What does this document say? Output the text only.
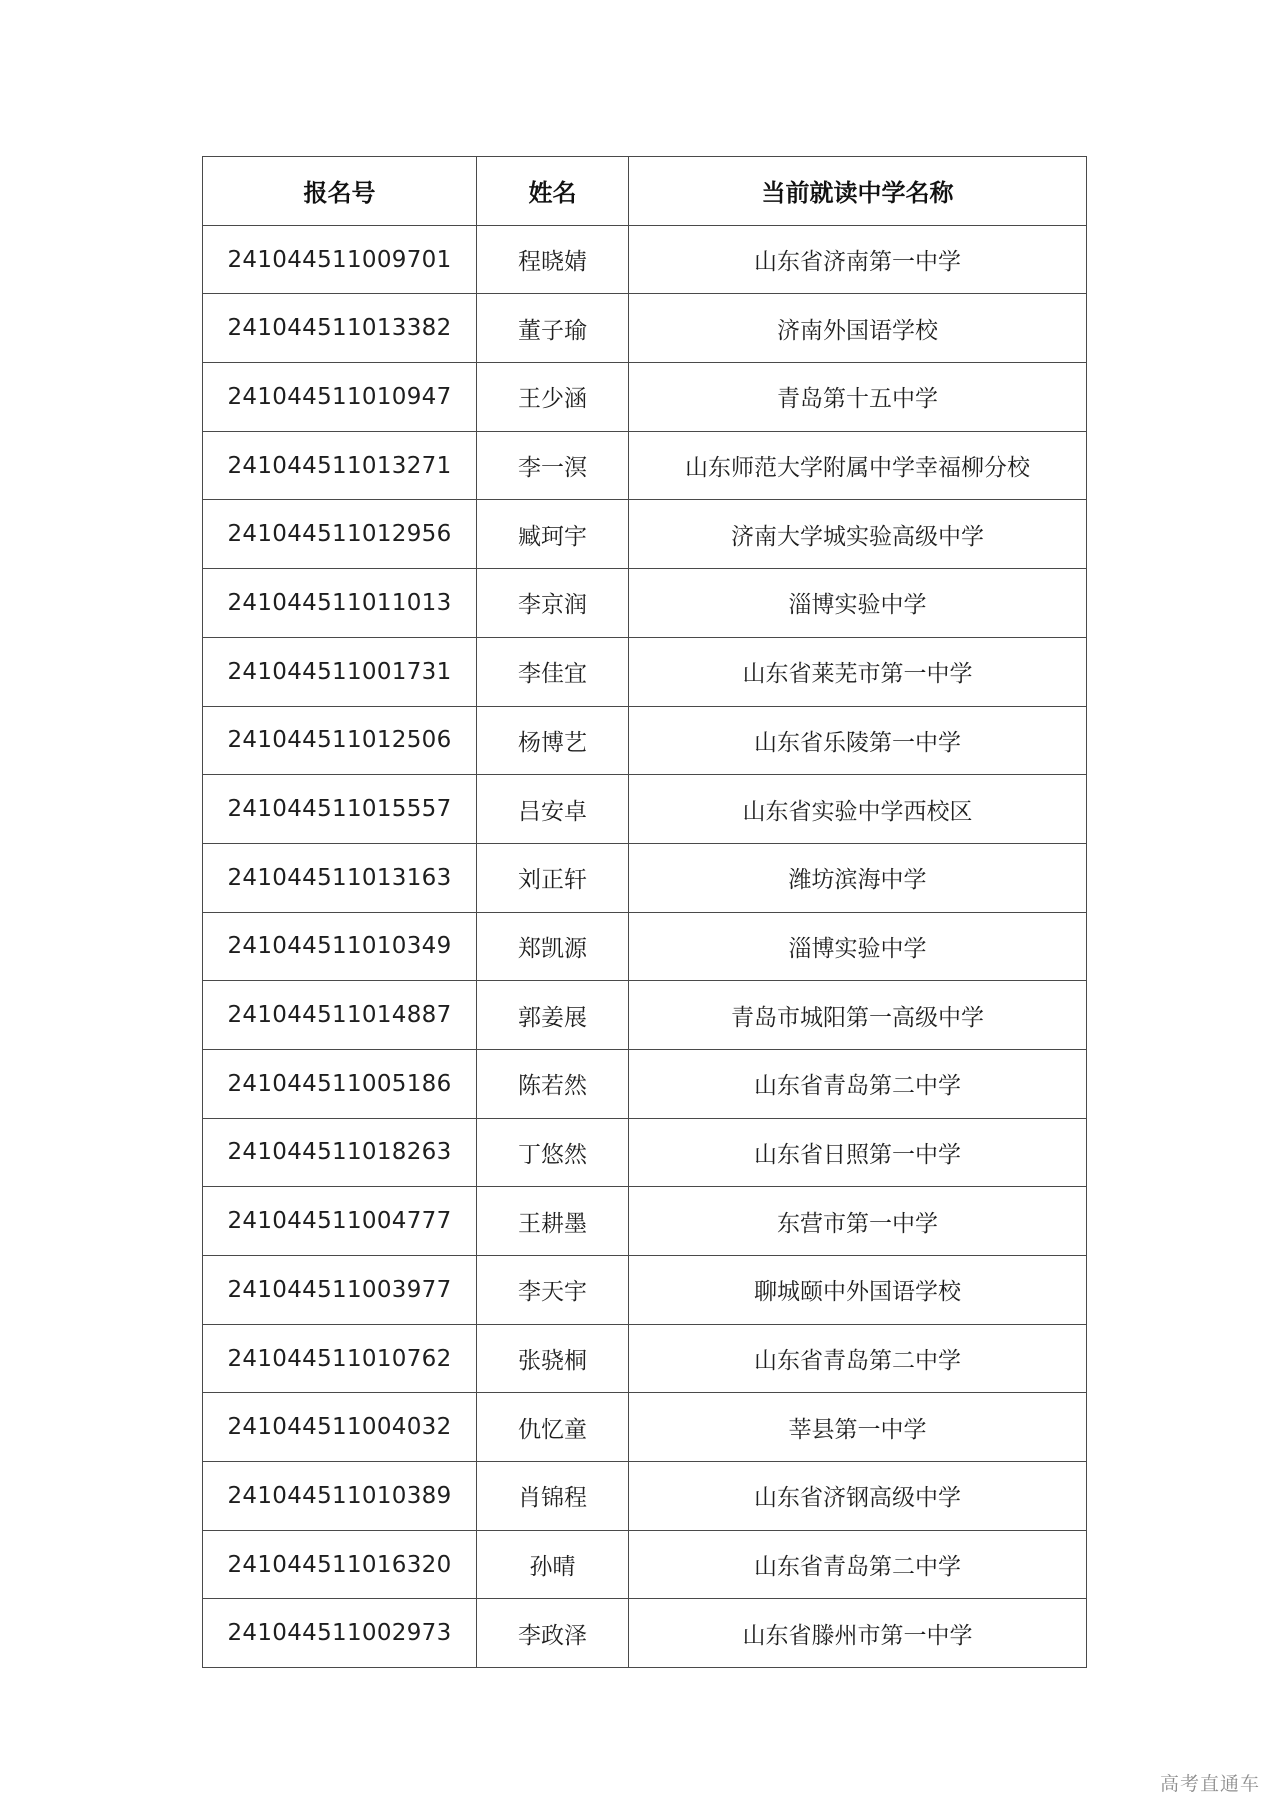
报名号	姓名	当前就读中学名称
241044511009701	程晓婧	山东省济南第一中学
241044511013382	董子瑜	济南外国语学校
241044511010947	王少涵	青岛第十五中学
241044511013271	李一溟	山东师范大学附属中学幸福柳分校
241044511012956	臧珂宇	济南大学城实验高级中学
241044511011013	李京润	淄博实验中学
241044511001731	李佳宜	山东省莱芜市第一中学
241044511012506	杨博艺	山东省乐陵第一中学
241044511015557	吕安卓	山东省实验中学西校区
241044511013163	刘正轩	潍坊滨海中学
241044511010349	郑凯源	淄博实验中学
241044511014887	郭姜展	青岛市城阳第一高级中学
241044511005186	陈若然	山东省青岛第二中学
241044511018263	丁悠然	山东省日照第一中学
241044511004777	王耕墨	东营市第一中学
241044511003977	李天宇	聊城颐中外国语学校
241044511010762	张骁桐	山东省青岛第二中学
241044511004032	仇忆童	莘县第一中学
241044511010389	肖锦程	山东省济钢高级中学
241044511016320	孙晴	山东省青岛第二中学
241044511002973	李政泽	山东省滕州市第一中学
高考直通车
